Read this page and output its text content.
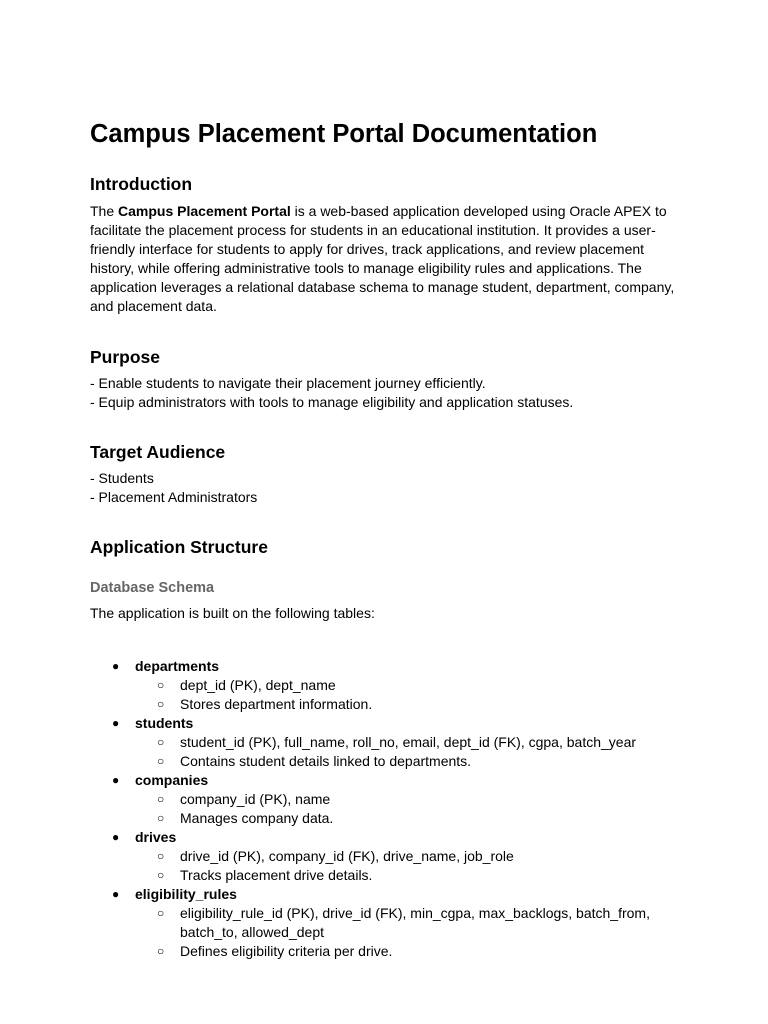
Campus Placement Portal Documentation
Introduction

The Campus Placement Portal is a web-based application developed using Oracle APEX to facilitate the placement process for students in an educational institution. It provides a user-friendly interface for students to apply for drives, track applications, and review placement history, while offering administrative tools to manage eligibility rules and applications. The application leverages a relational database schema to manage student, department, company, and placement data.

Purpose
- Enable students to navigate their placement journey efficiently.
- Equip administrators with tools to manage eligibility and application statuses.
Target Audience
- Students
- Placement Administrators
Application Structure
Database Schema

The application is built on the following tables:

● departments
○ dept_id (PK), dept_name
○ Stores department information.
● students
○ student_id (PK), full_name, roll_no, email, dept_id (FK), cgpa, batch_year
○ Contains student details linked to departments.
● companies
○ company_id (PK), name
○ Manages company data.
● drives
○ drive_id (PK), company_id (FK), drive_name, job_role
○ Tracks placement drive details.
● eligibility_rules
○ eligibility_rule_id (PK), drive_id (FK), min_cgpa, max_backlogs, batch_from, batch_to, allowed_dept
○ Defines eligibility criteria per drive.
